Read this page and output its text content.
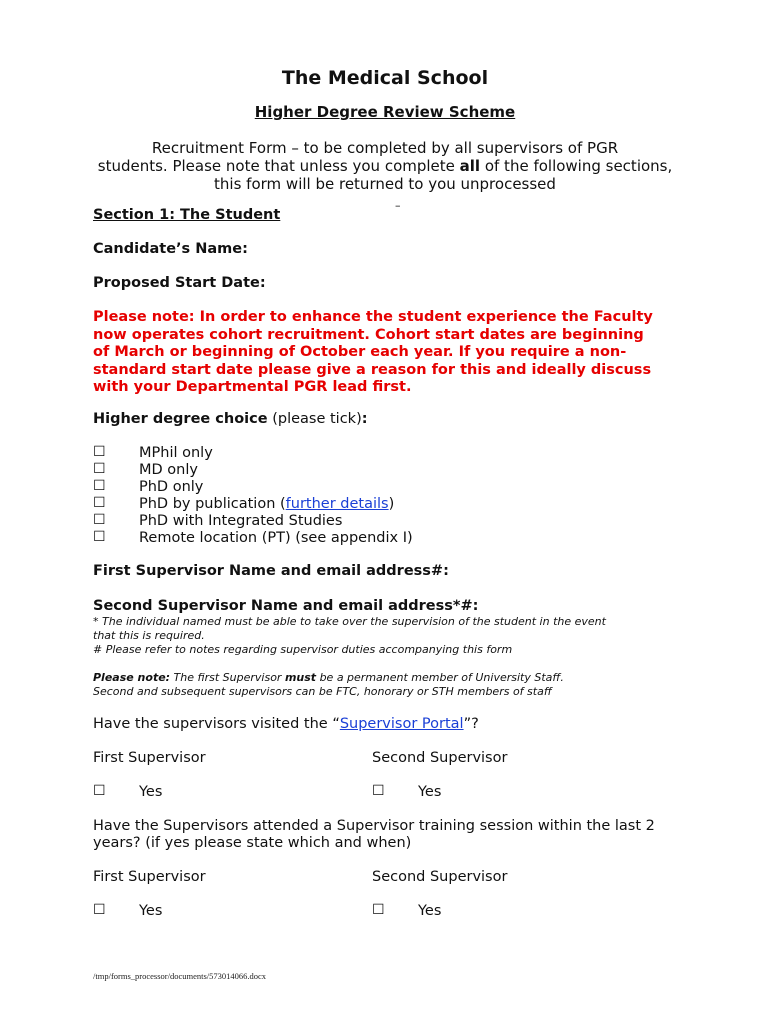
The Medical School
Higher Degree Review Scheme
Recruitment Form – to be completed by all supervisors of PGR
students. Please note that unless you complete all of the following sections,
this form will be returned to you unprocessed
–
Section 1: The Student
Candidate’s Name:
Proposed Start Date:
Please note: In order to enhance the student experience the Faculty
now operates cohort recruitment. Cohort start dates are beginning
of March or beginning of October each year. If you require a non-
standard start date please give a reason for this and ideally discuss
with your Departmental PGR lead first.
Higher degree choice (please tick):
☐ MPhil only
☐ MD only
☐ PhD only
☐ PhD by publication (further details)
☐ PhD with Integrated Studies
☐ Remote location (PT) (see appendix I)
First Supervisor Name and email address#:
Second Supervisor Name and email address*#:
* The individual named must be able to take over the supervision of the student in the event
that this is required.
# Please refer to notes regarding supervisor duties accompanying this form
Please note: The first Supervisor must be a permanent member of University Staff.
Second and subsequent supervisors can be FTC, honorary or STH members of staff
Have the supervisors visited the “Supervisor Portal”?
First Supervisor	Second Supervisor
☐ Yes	☐ Yes
Have the Supervisors attended a Supervisor training session within the last 2
years? (if yes please state which and when)
First Supervisor	Second Supervisor
☐ Yes	☐ Yes
/tmp/forms_processor/documents/573014066.docx
